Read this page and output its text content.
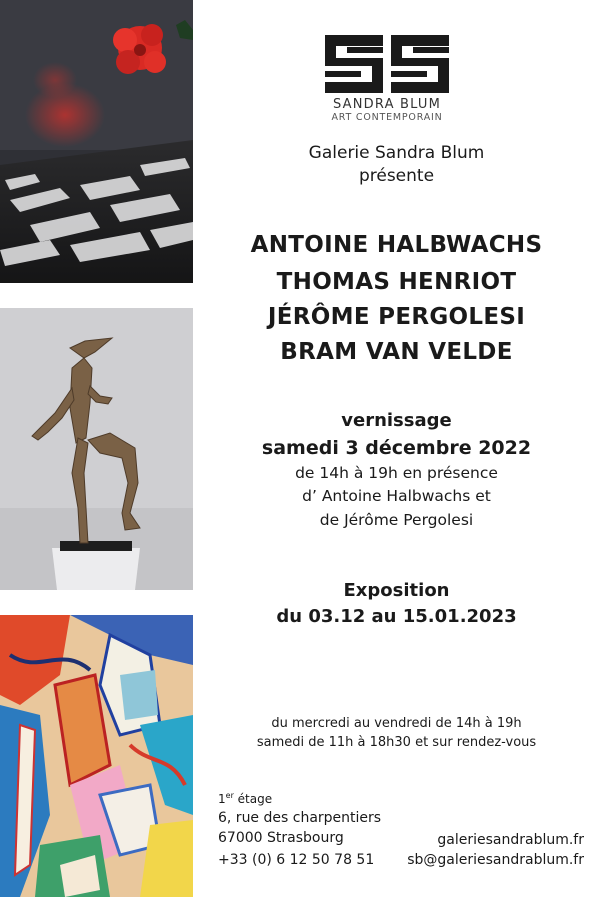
SANDRA BLUM
ART CONTEMPORAIN
Galerie Sandra Blum
présente
ANTOINE HALBWACHS
THOMAS HENRIOT
JÉRÔME PERGOLESI
BRAM VAN VELDE
vernissage
samedi 3 décembre 2022
de 14h à 19h en présence
d’ Antoine Halbwachs et
de Jérôme Pergolesi
Exposition
du 03.12 au 15.01.2023
du mercredi au vendredi de 14h à 19h
samedi de 11h à 18h30 et sur rendez-vous
1er étage
6, rue des charpentiers
67000 Strasbourg
+33 (0) 6 12 50 78 51
galeriesandrablum.fr
sb@galeriesandrablum.fr
